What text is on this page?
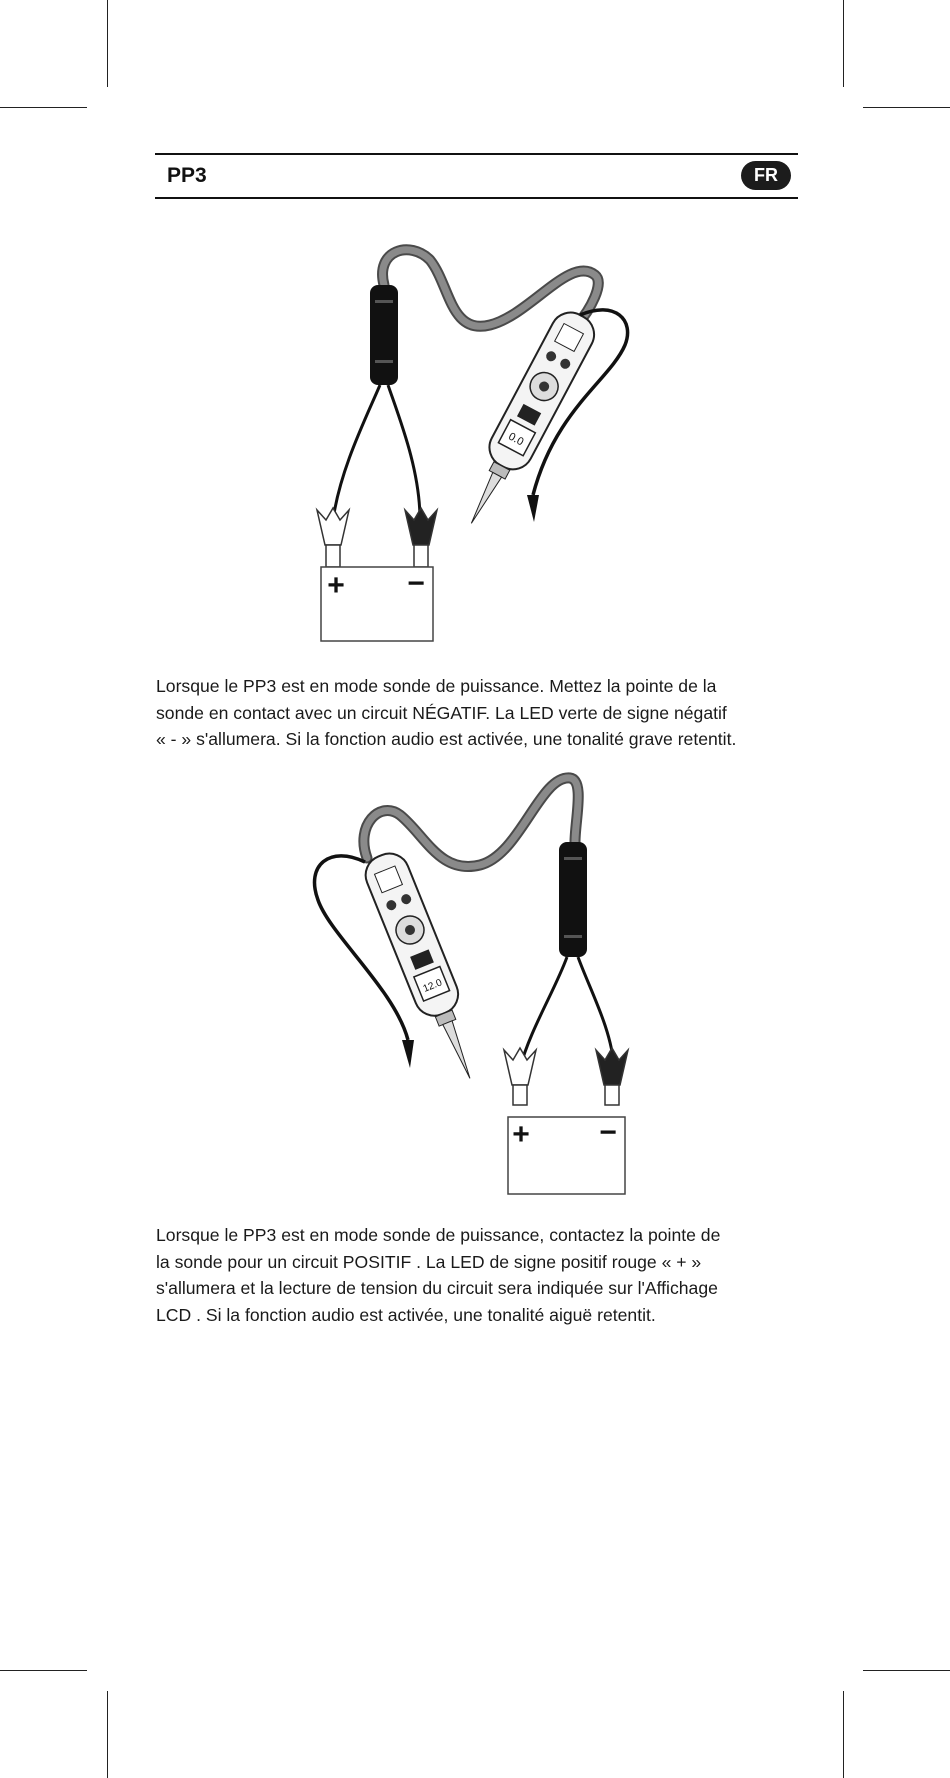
PP3	FR
+ −
0.0
Lorsque le PP3 est en mode sonde de puissance. Mettez la pointe de la
sonde en contact avec un circuit NÉGATIF. La LED verte de signe négatif
« - » s'allumera. Si la fonction audio est activée, une tonalité grave retentit.
+ −
12.0
Lorsque le PP3 est en mode sonde de puissance, contactez la pointe de
la sonde pour un circuit POSITIF . La LED de signe positif rouge « + »
s'allumera et la lecture de tension du circuit sera indiquée sur l'Affichage
LCD . Si la fonction audio est activée, une tonalité aiguë retentit.
